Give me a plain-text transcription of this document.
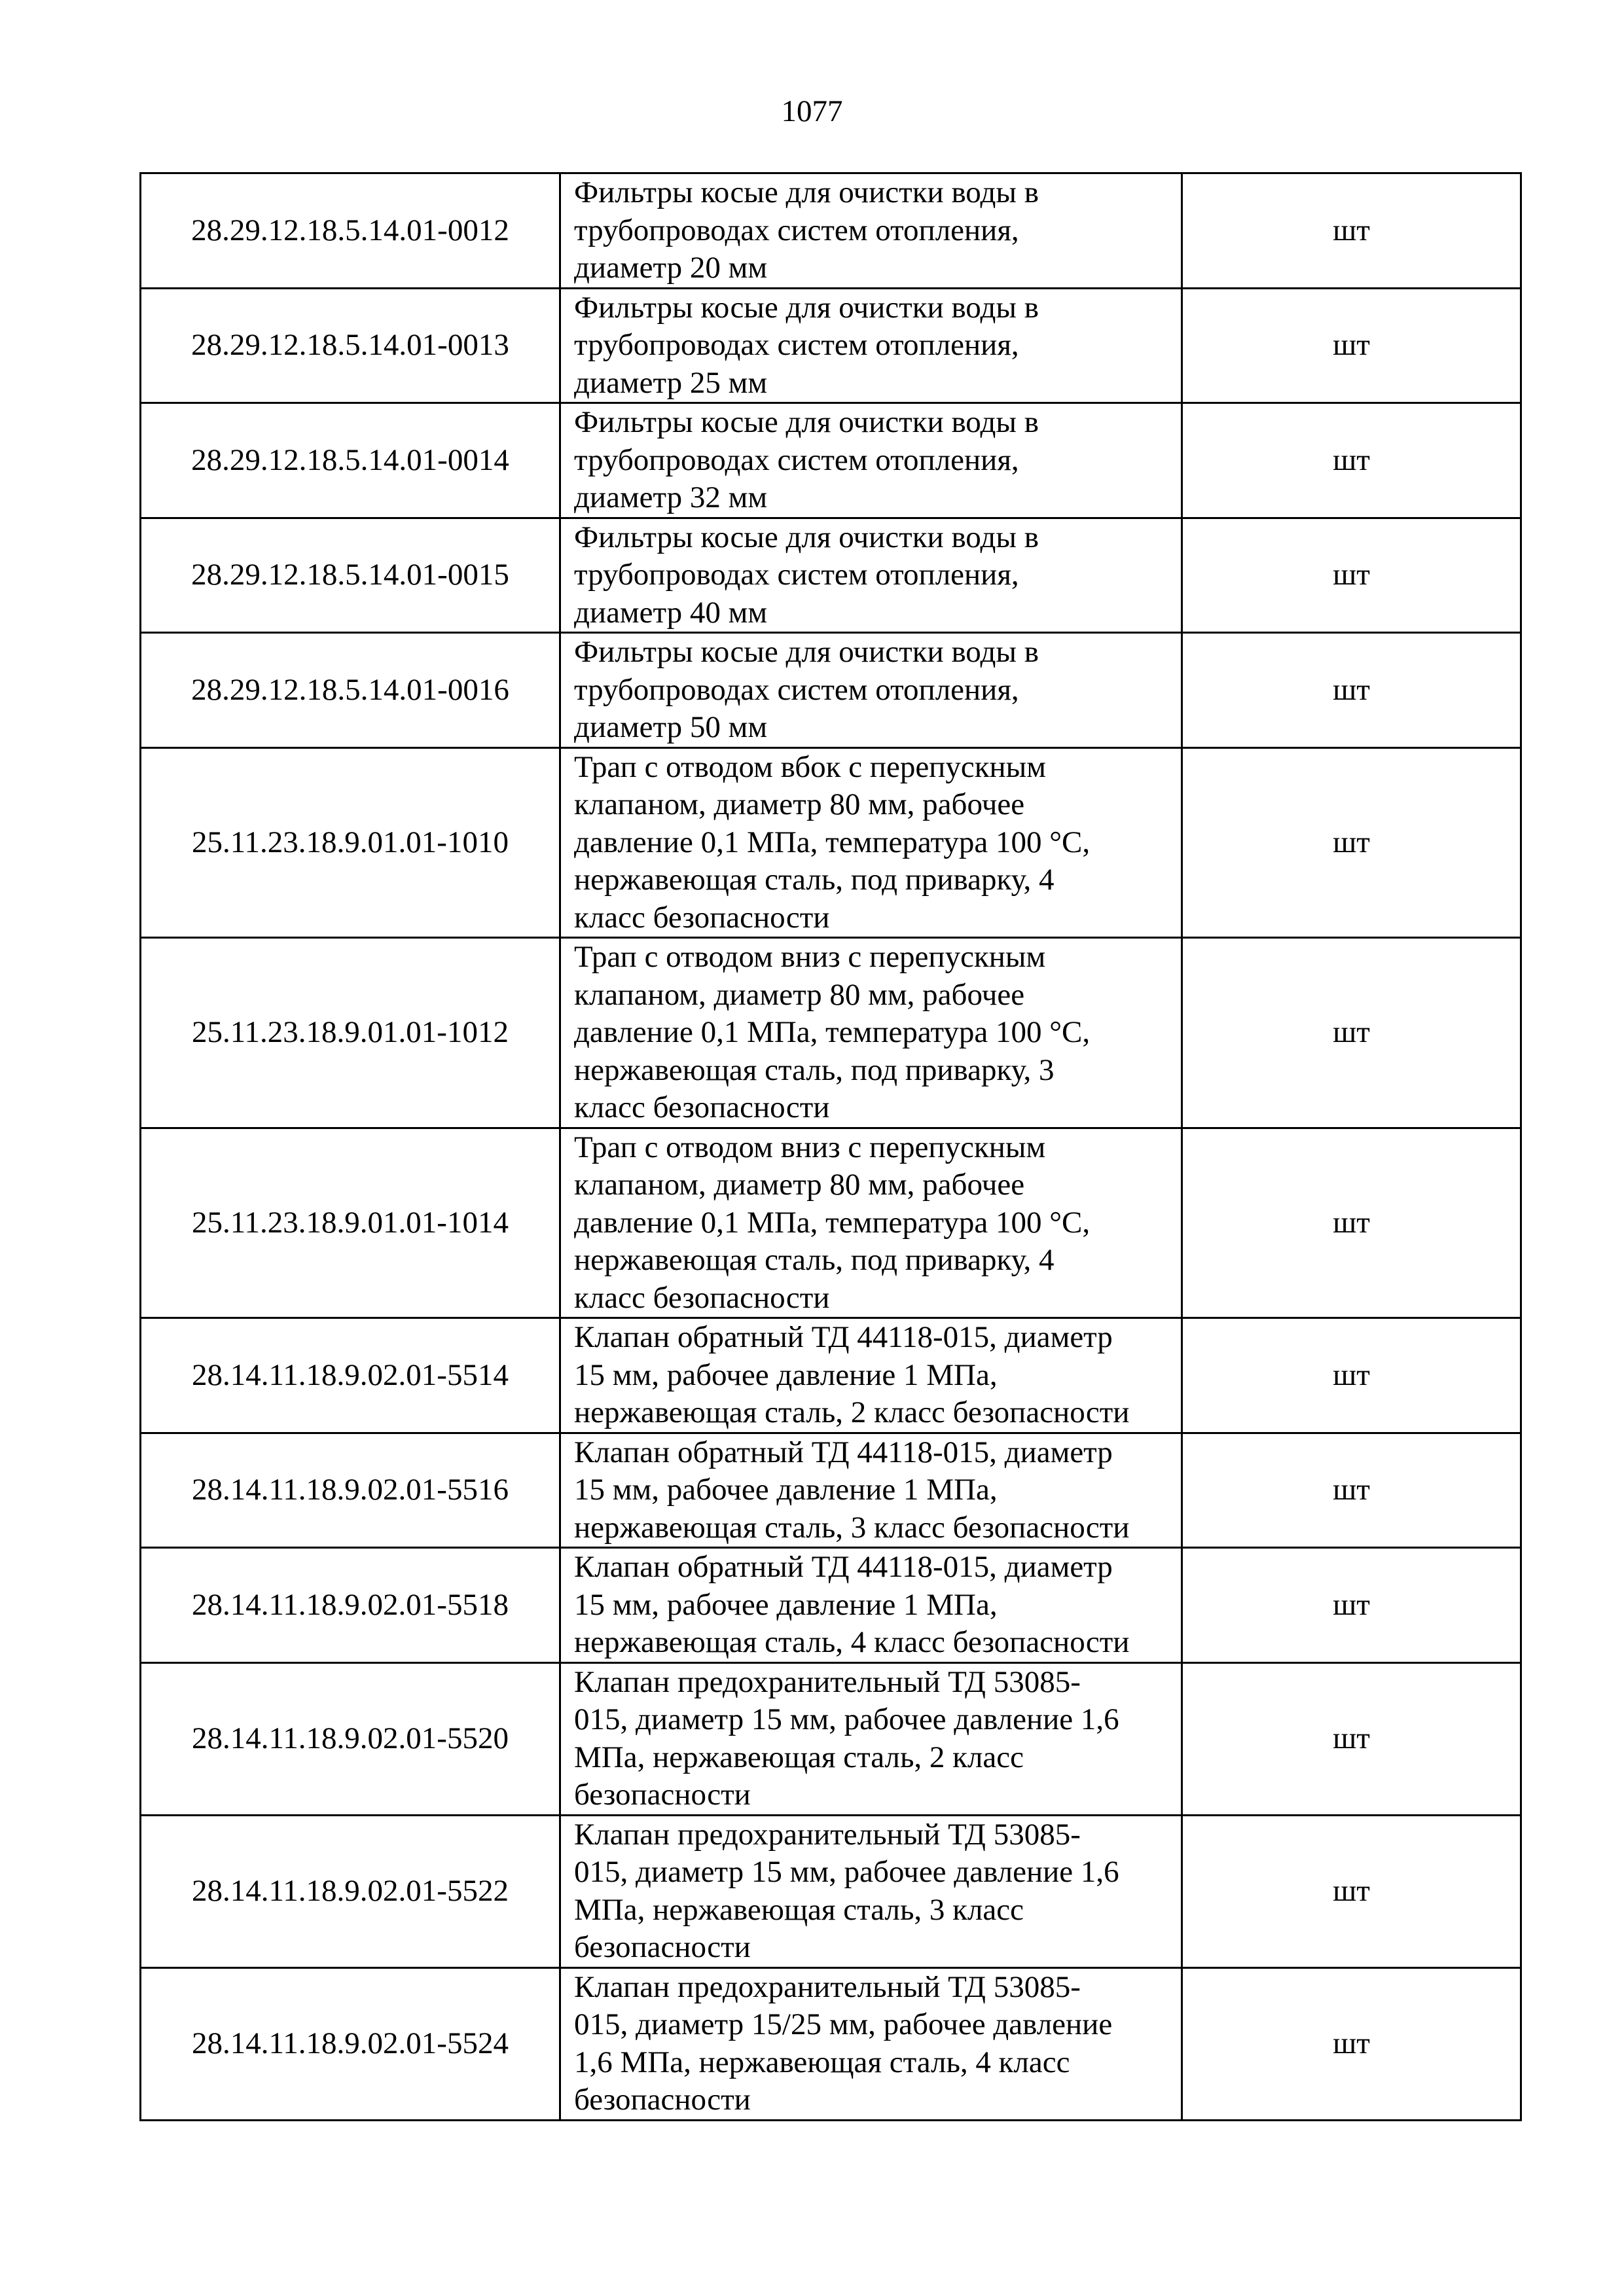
1077
28.29.12.18.5.14.01-0012	Фильтры косые для очистки воды в
трубопроводах систем отопления,
диаметр 20 мм	шт
28.29.12.18.5.14.01-0013	Фильтры косые для очистки воды в
трубопроводах систем отопления,
диаметр 25 мм	шт
28.29.12.18.5.14.01-0014	Фильтры косые для очистки воды в
трубопроводах систем отопления,
диаметр 32 мм	шт
28.29.12.18.5.14.01-0015	Фильтры косые для очистки воды в
трубопроводах систем отопления,
диаметр 40 мм	шт
28.29.12.18.5.14.01-0016	Фильтры косые для очистки воды в
трубопроводах систем отопления,
диаметр 50 мм	шт
25.11.23.18.9.01.01-1010	Трап с отводом вбок с перепускным
клапаном, диаметр 80 мм, рабочее
давление 0,1 МПа, температура 100 °С,
нержавеющая сталь, под приварку, 4
класс безопасности	шт
25.11.23.18.9.01.01-1012	Трап с отводом вниз с перепускным
клапаном, диаметр 80 мм, рабочее
давление 0,1 МПа, температура 100 °С,
нержавеющая сталь, под приварку, 3
класс безопасности	шт
25.11.23.18.9.01.01-1014	Трап с отводом вниз с перепускным
клапаном, диаметр 80 мм, рабочее
давление 0,1 МПа, температура 100 °С,
нержавеющая сталь, под приварку, 4
класс безопасности	шт
28.14.11.18.9.02.01-5514	Клапан обратный ТД 44118-015, диаметр
15 мм, рабочее давление 1 МПа,
нержавеющая сталь, 2 класс безопасности	шт
28.14.11.18.9.02.01-5516	Клапан обратный ТД 44118-015, диаметр
15 мм, рабочее давление 1 МПа,
нержавеющая сталь, 3 класс безопасности	шт
28.14.11.18.9.02.01-5518	Клапан обратный ТД 44118-015, диаметр
15 мм, рабочее давление 1 МПа,
нержавеющая сталь, 4 класс безопасности	шт
28.14.11.18.9.02.01-5520	Клапан предохранительный ТД 53085-
015, диаметр 15 мм, рабочее давление 1,6
МПа, нержавеющая сталь, 2 класс
безопасности	шт
28.14.11.18.9.02.01-5522	Клапан предохранительный ТД 53085-
015, диаметр 15 мм, рабочее давление 1,6
МПа, нержавеющая сталь, 3 класс
безопасности	шт
28.14.11.18.9.02.01-5524	Клапан предохранительный ТД 53085-
015, диаметр 15/25 мм, рабочее давление
1,6 МПа, нержавеющая сталь, 4 класс
безопасности	шт
